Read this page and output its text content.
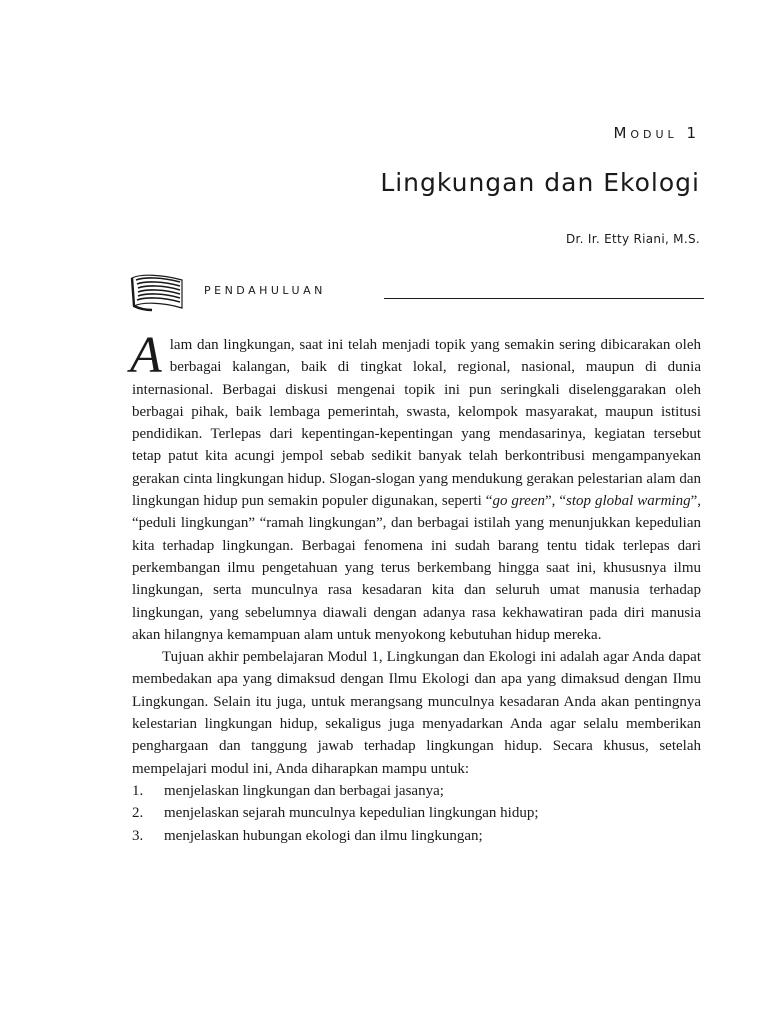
Modul 1
Lingkungan dan Ekologi
Dr. Ir. Etty Riani, M.S.
PENDAHULUAN

Alam dan lingkungan, saat ini telah menjadi topik yang semakin sering dibicarakan oleh berbagai kalangan, baik di tingkat lokal, regional, nasional, maupun di dunia internasional. Berbagai diskusi mengenai topik ini pun seringkali diselenggarakan oleh berbagai pihak, baik lembaga pemerintah, swasta, kelompok masyarakat, maupun istitusi pendidikan. Terlepas dari kepentingan-kepentingan yang mendasarinya, kegiatan tersebut tetap patut kita acungi jempol sebab sedikit banyak telah berkontribusi mengampanyekan gerakan cinta lingkungan hidup. Slogan-slogan yang mendukung gerakan pelestarian alam dan lingkungan hidup pun semakin populer digunakan, seperti “go green”, “stop global warming”, “peduli lingkungan” “ramah lingkungan”, dan berbagai istilah yang menunjukkan kepedulian kita terhadap lingkungan. Berbagai fenomena ini sudah barang tentu tidak terlepas dari perkembangan ilmu pengetahuan yang terus berkembang hingga saat ini, khususnya ilmu lingkungan, serta munculnya rasa kesadaran kita dan seluruh umat manusia terhadap lingkungan, yang sebelumnya diawali dengan adanya rasa kekhawatiran pada diri manusia akan hilangnya kemampuan alam untuk menyokong kebutuhan hidup mereka.

Tujuan akhir pembelajaran Modul 1, Lingkungan dan Ekologi ini adalah agar Anda dapat membedakan apa yang dimaksud dengan Ilmu Ekologi dan apa yang dimaksud dengan Ilmu Lingkungan. Selain itu juga, untuk merangsang munculnya kesadaran Anda akan pentingnya kelestarian lingkungan hidup, sekaligus juga menyadarkan Anda agar selalu memberikan penghargaan dan tanggung jawab terhadap lingkungan hidup. Secara khusus, setelah mempelajari modul ini, Anda diharapkan mampu untuk:

1. menjelaskan lingkungan dan berbagai jasanya;
2. menjelaskan sejarah munculnya kepedulian lingkungan hidup;
3. menjelaskan hubungan ekologi dan ilmu lingkungan;
